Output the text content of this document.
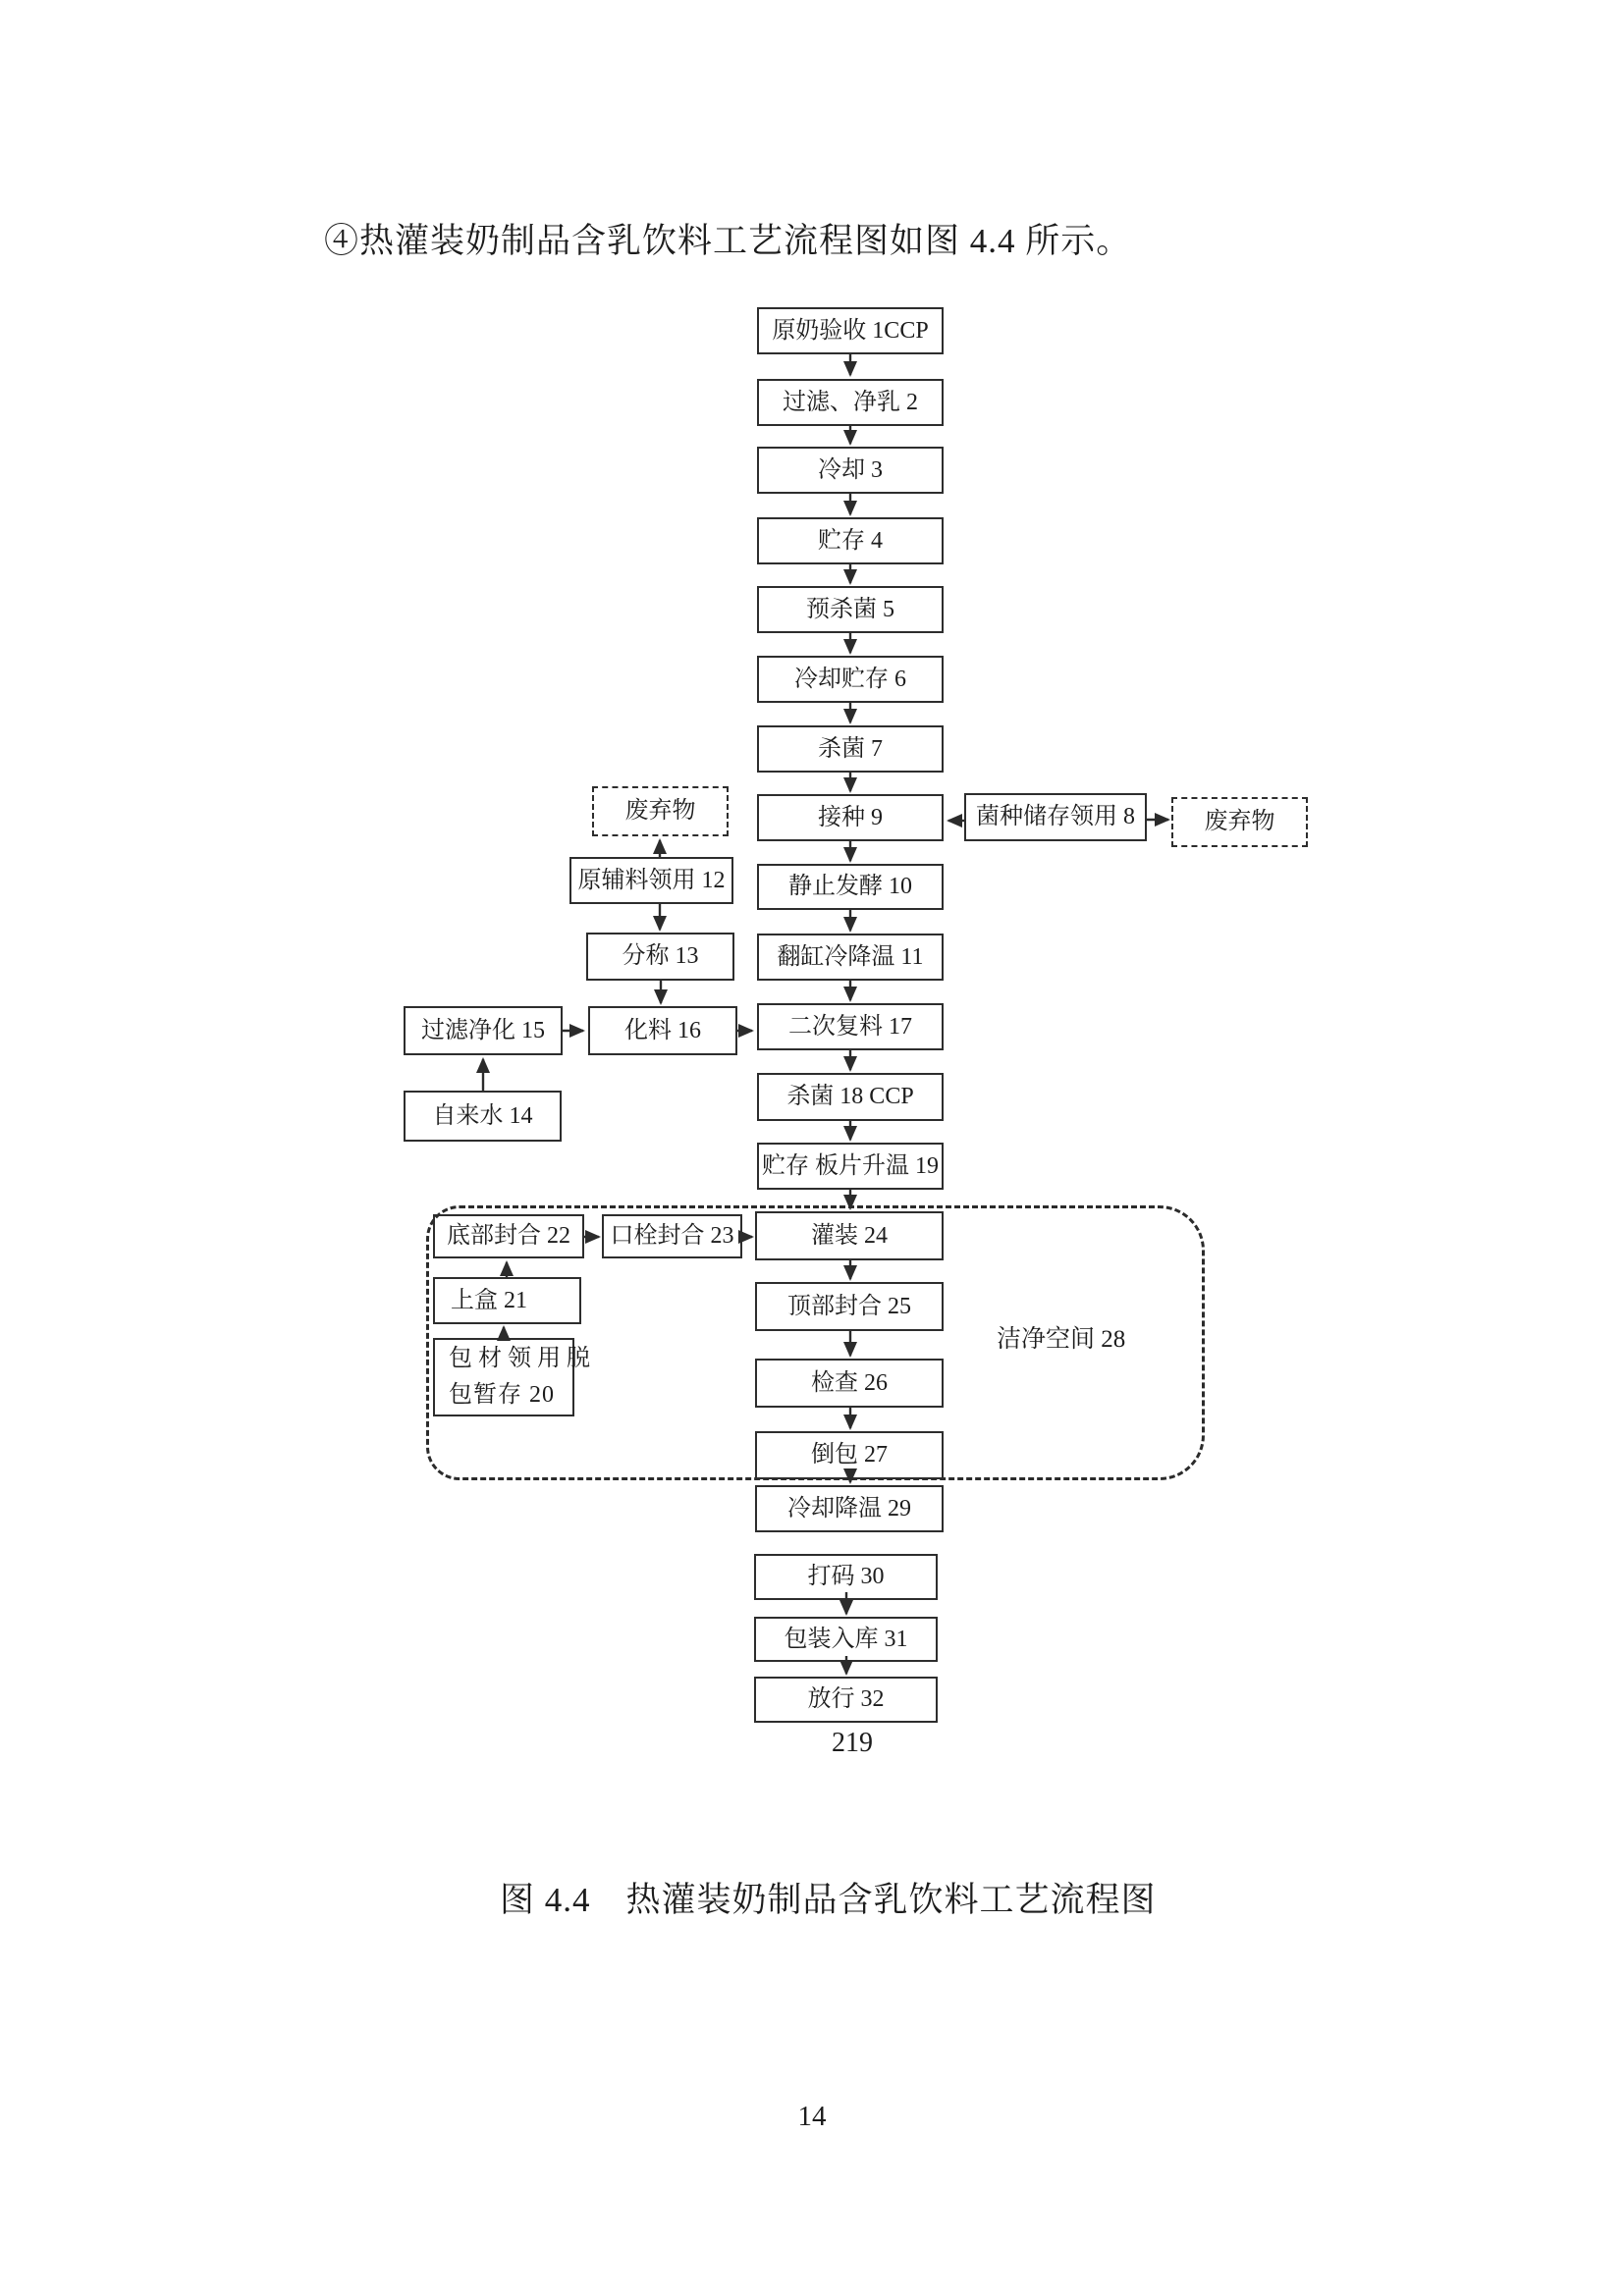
④热灌装奶制品含乳饮料工艺流程图如图 4.4 所示。
洁净空间 28
原奶验收 1CCP
过滤、净乳 2
冷却 3
贮存 4
预杀菌 5
冷却贮存 6
杀菌 7
接种 9
静止发酵 10
翻缸冷降温 11
二次复料 17
杀菌 18 CCP
贮存 板片升温 19
灌装 24
顶部封合 25
检查 26
倒包 27
冷却降温 29
打码 30
包装入库 31
放行 32
废弃物	菌种储存领用 8	废弃物
原辅料领用 12
分称 13
过滤净化 15	化料 16
自来水 14
底部封合 22	口栓封合 23
上盒 21
包材领用脱
包暂存 20
219
图 4.4　热灌装奶制品含乳饮料工艺流程图
14
